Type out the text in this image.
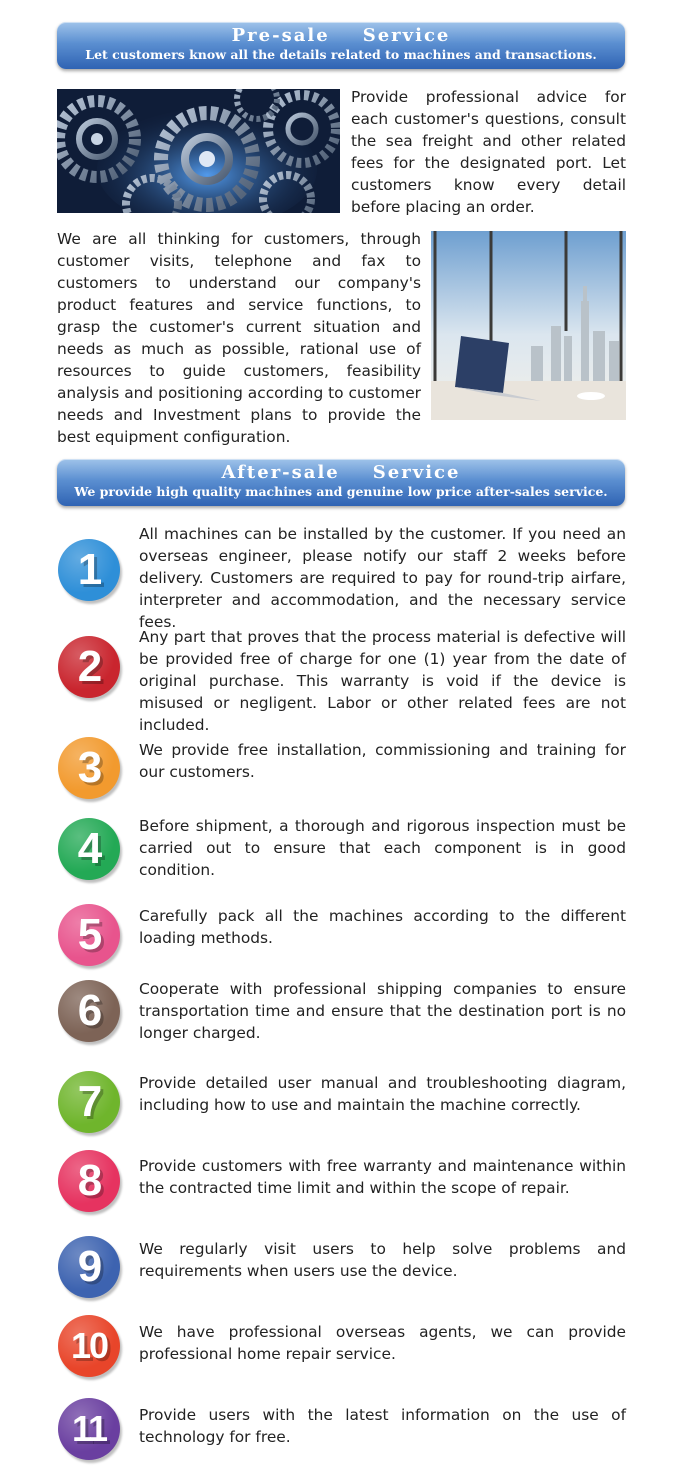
Pre-sale    Service
Let customers know all the details related to machines and transactions.
Provide professional advice for each customer's questions, consult the sea freight and other related fees for the designated port. Let customers know every detail before placing an order.
We are all thinking for customers, through customer visits, telephone and fax to customers to understand our company's product features and service functions, to grasp the customer's current situation and needs as much as possible, rational use of resources to guide customers, feasibility analysis and positioning according to customer needs and Investment plans to provide the best equipment configuration.
After-sale    Service
We provide high quality machines and genuine low price after-sales service.
1
All machines can be installed by the customer. If you need an overseas engineer, please notify our staff 2 weeks before delivery. Customers are required to pay for round-trip airfare, interpreter and accommodation, and the necessary service fees.
2
Any part that proves that the process material is defective will be provided free of charge for one (1) year from the date of original purchase. This warranty is void if the device is misused or negligent. Labor or other related fees are not included.
3	We provide free installation, commissioning and training for our customers.
4	Before shipment, a thorough and rigorous inspection must be carried out to ensure that each component is in good condition.
5	Carefully pack all the machines according to the different loading methods.
6	Cooperate with professional shipping companies to ensure transportation time and ensure that the destination port is no longer charged.
7	Provide detailed user manual and troubleshooting diagram, including how to use and maintain the machine correctly.
8	Provide customers with free warranty and maintenance within the contracted time limit and within the scope of repair.
9	We regularly visit users to help solve problems and requirements when users use the device.
10 We have professional overseas agents, we can provide professional home repair service.
11 Provide users with the latest information on the use of technology for free.
